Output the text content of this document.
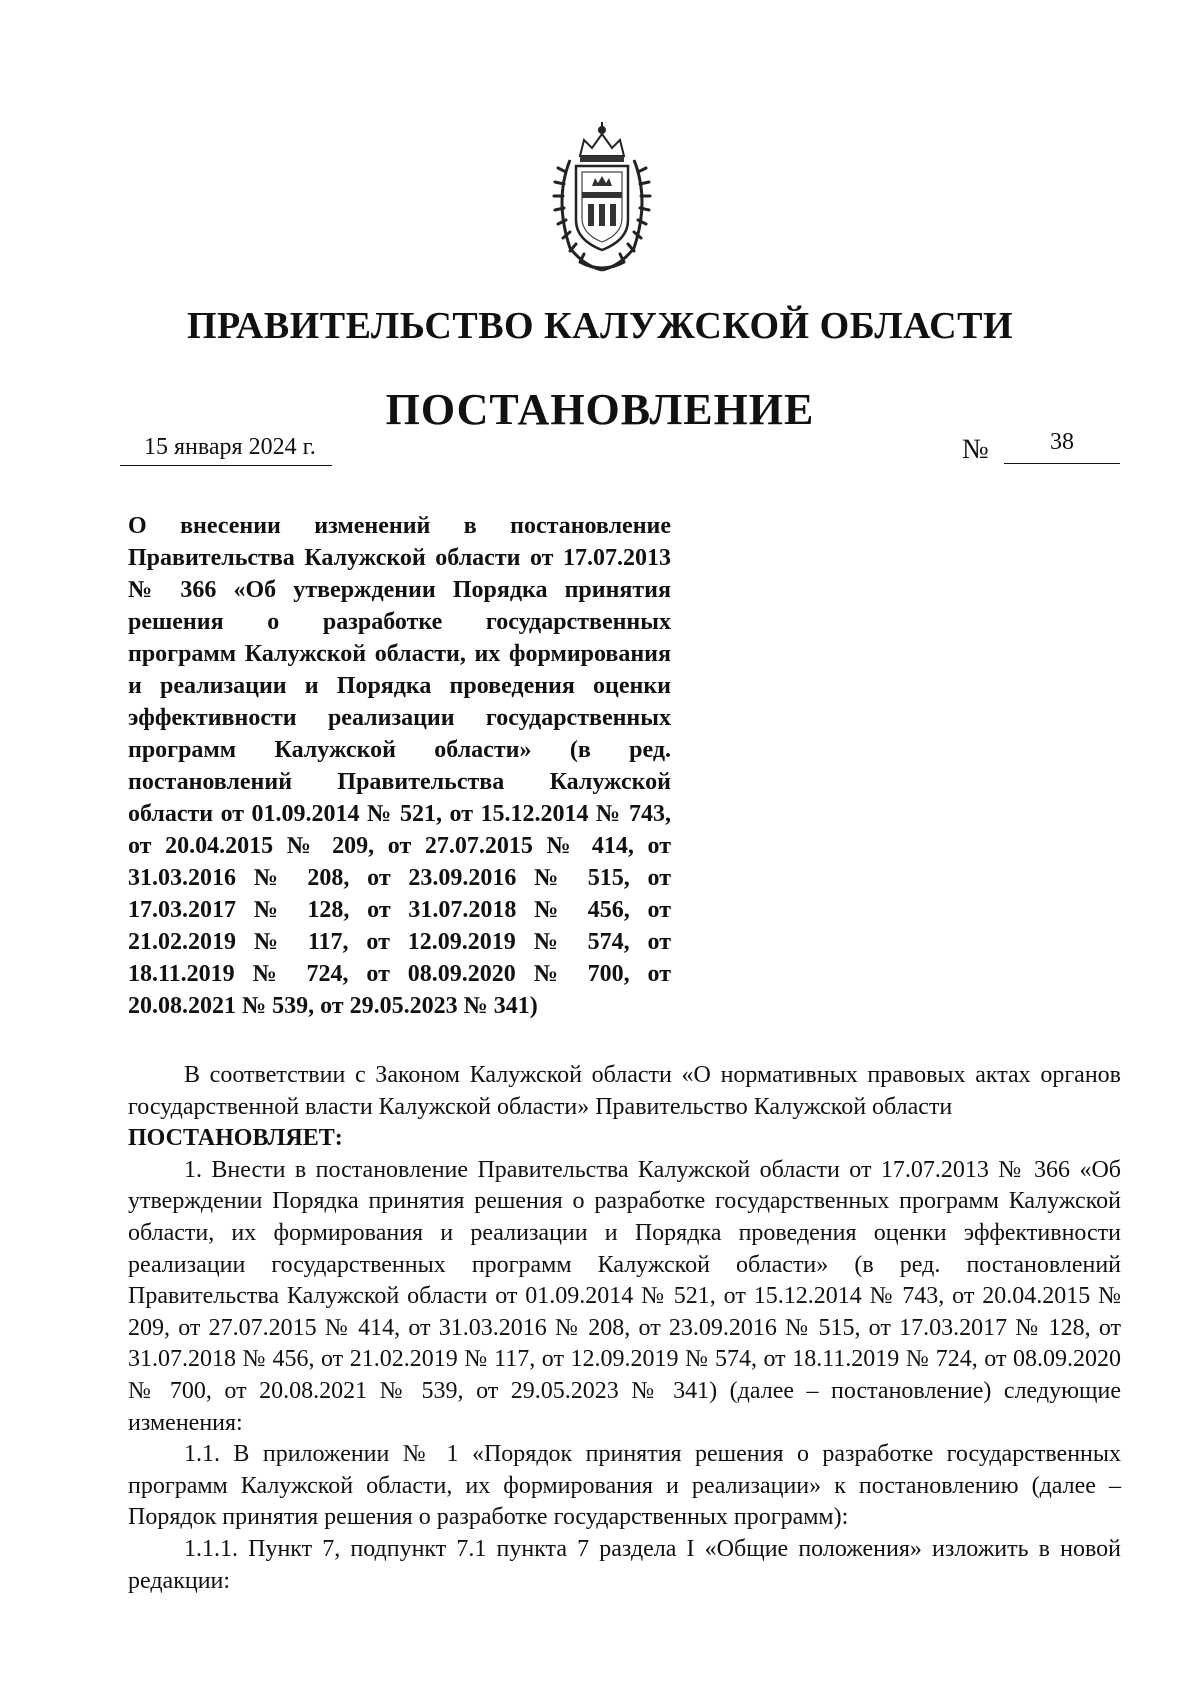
ПРАВИТЕЛЬСТВО КАЛУЖСКОЙ ОБЛАСТИ
ПОСТАНОВЛЕНИЕ
15 января 2024 г.	№	38
О внесении изменений в постановление Правительства Калужской области от 17.07.2013 № 366 «Об утверждении Порядка принятия решения о разработке государственных программ Калужской области, их формирования и реализации и Порядка проведения оценки эффективности реализации государственных программ Калужской области» (в ред. постановлений Правительства Калужской области от 01.09.2014 № 521, от 15.12.2014 № 743, от 20.04.2015 № 209, от 27.07.2015 № 414, от 31.03.2016 № 208, от 23.09.2016 № 515, от 17.03.2017 № 128, от 31.07.2018 № 456, от 21.02.2019 № 117, от 12.09.2019 № 574, от 18.11.2019 № 724, от 08.09.2020 № 700, от 20.08.2021 № 539, от 29.05.2023 № 341)

В соответствии с Законом Калужской области «О нормативных правовых актах органов государственной власти Калужской области» Правительство Калужской области

ПОСТАНОВЛЯЕТ:

1. Внести в постановление Правительства Калужской области от 17.07.2013 № 366 «Об утверждении Порядка принятия решения о разработке государственных программ Калужской области, их формирования и реализации и Порядка проведения оценки эффективности реализации государственных программ Калужской области» (в ред. постановлений Правительства Калужской области от 01.09.2014 № 521, от 15.12.2014 № 743, от 20.04.2015 № 209, от 27.07.2015 № 414, от 31.03.2016 № 208, от 23.09.2016 № 515, от 17.03.2017 № 128, от 31.07.2018 № 456, от 21.02.2019 № 117, от 12.09.2019 № 574, от 18.11.2019 № 724, от 08.09.2020 № 700, от 20.08.2021 № 539, от 29.05.2023 № 341) (далее – постановление) следующие изменения:

1.1. В приложении № 1 «Порядок принятия решения о разработке государственных программ Калужской области, их формирования и реализации» к постановлению (далее – Порядок принятия решения о разработке государственных программ):

1.1.1. Пункт 7, подпункт 7.1 пункта 7 раздела I «Общие положения» изложить в новой редакции:
